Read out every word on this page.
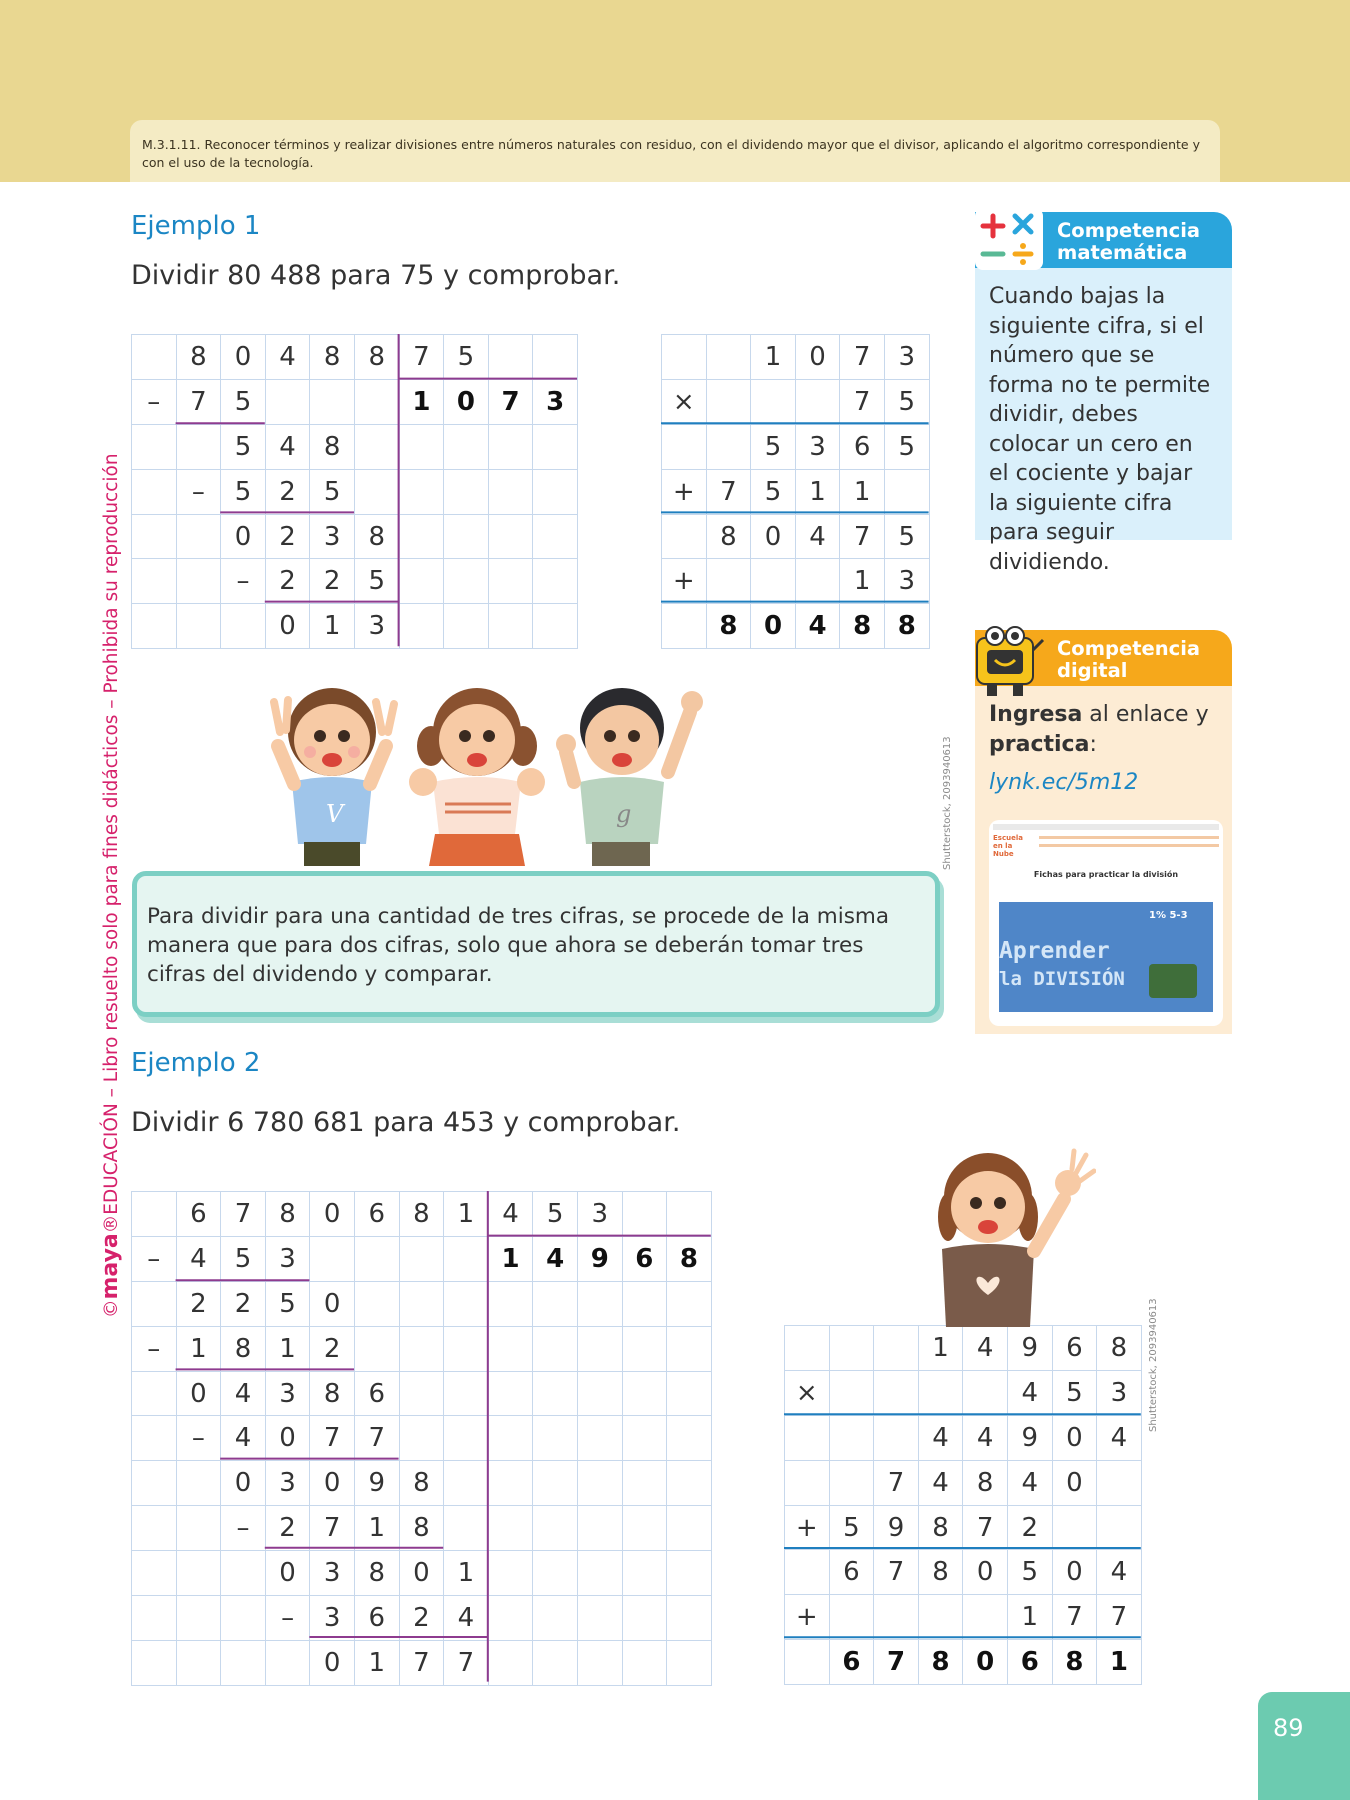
M.3.1.11. Reconocer términos y realizar divisiones entre números naturales con residuo, con el dividendo mayor que el divisor, aplicando el algoritmo correspondiente y con el uso de la tecnología.
©maya®EDUCACIÓN – Libro resuelto solo para fines didácticos – Prohibida su reproducción
Ejemplo 1
Dividir 80 488 para 75 y comprobar.
	8	0	4	8	8	7	5		
–	7	5				1	0	7	3
		5	4	8					
	–	5	2	5					
		0	2	3	8				
		–	2	2	5				
			0	1	3				
		1	0	7	3
×				7	5
		5	3	6	5
+	7	5	1	1	
	8	0	4	7	5
+				1	3
	8	0	4	8	8
V	g	Shutterstock, 2093940613
Para dividir para una cantidad de tres cifras, se procede de la misma manera que para dos cifras, solo que ahora se deberán tomar tres cifras del dividendo y comparar.
Ejemplo 2
Dividir 6 780 681 para 453 y comprobar.
	6	7	8	0	6	8	1	4	5	3		
–	4	5	3					1	4	9	6	8
	2	2	5	0								
–	1	8	1	2								
	0	4	3	8	6							
	–	4	0	7	7							
		0	3	0	9	8						
		–	2	7	1	8						
			0	3	8	0	1					
			–	3	6	2	4					
				0	1	7	7					
			1	4	9	6	8
×					4	5	3
			4	4	9	0	4
		7	4	8	4	0	
+	5	9	8	7	2		
	6	7	8	0	5	0	4
+					1	7	7
	6	7	8	0	6	8	1
Shutterstock, 2093940613
Competencia
matemática
Cuando bajas la siguiente cifra, si el número que se forma no te permite dividir, debes colocar un cero en el cociente y bajar la siguiente cifra para seguir dividiendo.
Competencia
digital
Ingresa al enlace y
practica:
lynk.ec/5m12
Escuela en la Nube
Fichas para practicar la división
Aprender
la DIVISIÓN
1% 5-3
89
